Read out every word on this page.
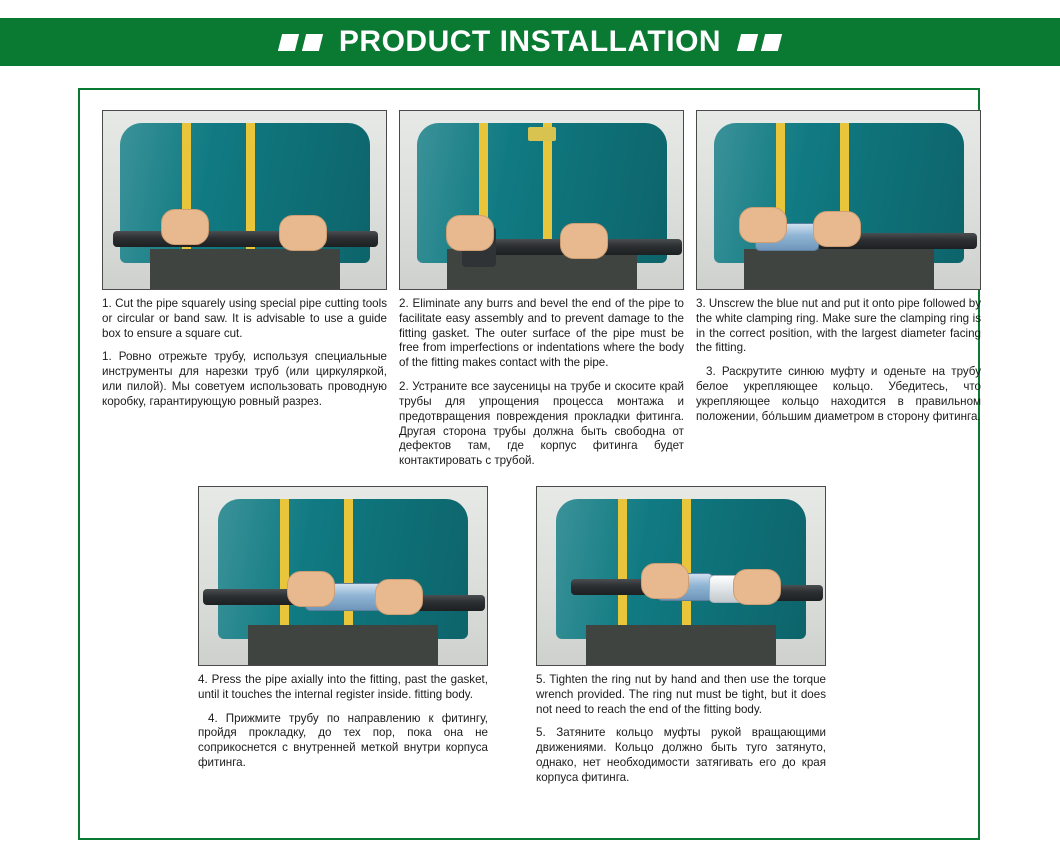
PRODUCT INSTALLATION

1. Cut the pipe squarely using special pipe cutting tools or circular or band saw. It is advisable to use a guide box to ensure a square cut.

1. Ровно отрежьте трубу, используя специальные инструменты для нарезки труб (или циркуляркой, или пилой). Мы советуем использовать проводную коробку, гарантирующую ровный разрез.

2. Eliminate any burrs and bevel the end of the pipe to facilitate easy assembly and to prevent damage to the fitting gasket. The outer surface of the pipe must be free from imperfections or indentations where the body of the fitting makes contact with the pipe.

2. Устраните все заусеницы на трубе и скосите край трубы для упрощения процесса монтажа и предотвращения повреждения прокладки фитинга. Другая сторона трубы должна быть свободна от дефектов там, где корпус фитинга будет контактировать с трубой.

3. Unscrew the blue nut and put it onto pipe followed by the white clamping ring. Make sure the clamping ring is in the correct position, with the largest diameter facing the fitting.

3. Раскрутите синюю муфту и оденьте на трубу белое укрепляющее кольцо. Убедитесь, что укрепляющее кольцо находится в правильном положении, бо́льшим диаметром в сторону фитинга.

4. Press the pipe axially into the fitting, past the gasket, until it touches the internal register inside. fitting body.

4. Прижмите трубу по направлению к фитингу, пройдя прокладку, до тех пор, пока она не соприкоснется с внутренней меткой внутри корпуса фитинга.

5. Tighten the ring nut by hand and then use the torque wrench provided. The ring nut must be tight, but it does not need to reach the end of the fitting body.

5. Затяните кольцо муфты рукой вращающими движениями. Кольцо должно быть туго затянуто, однако, нет необходимости затягивать его до края корпуса фитинга.
